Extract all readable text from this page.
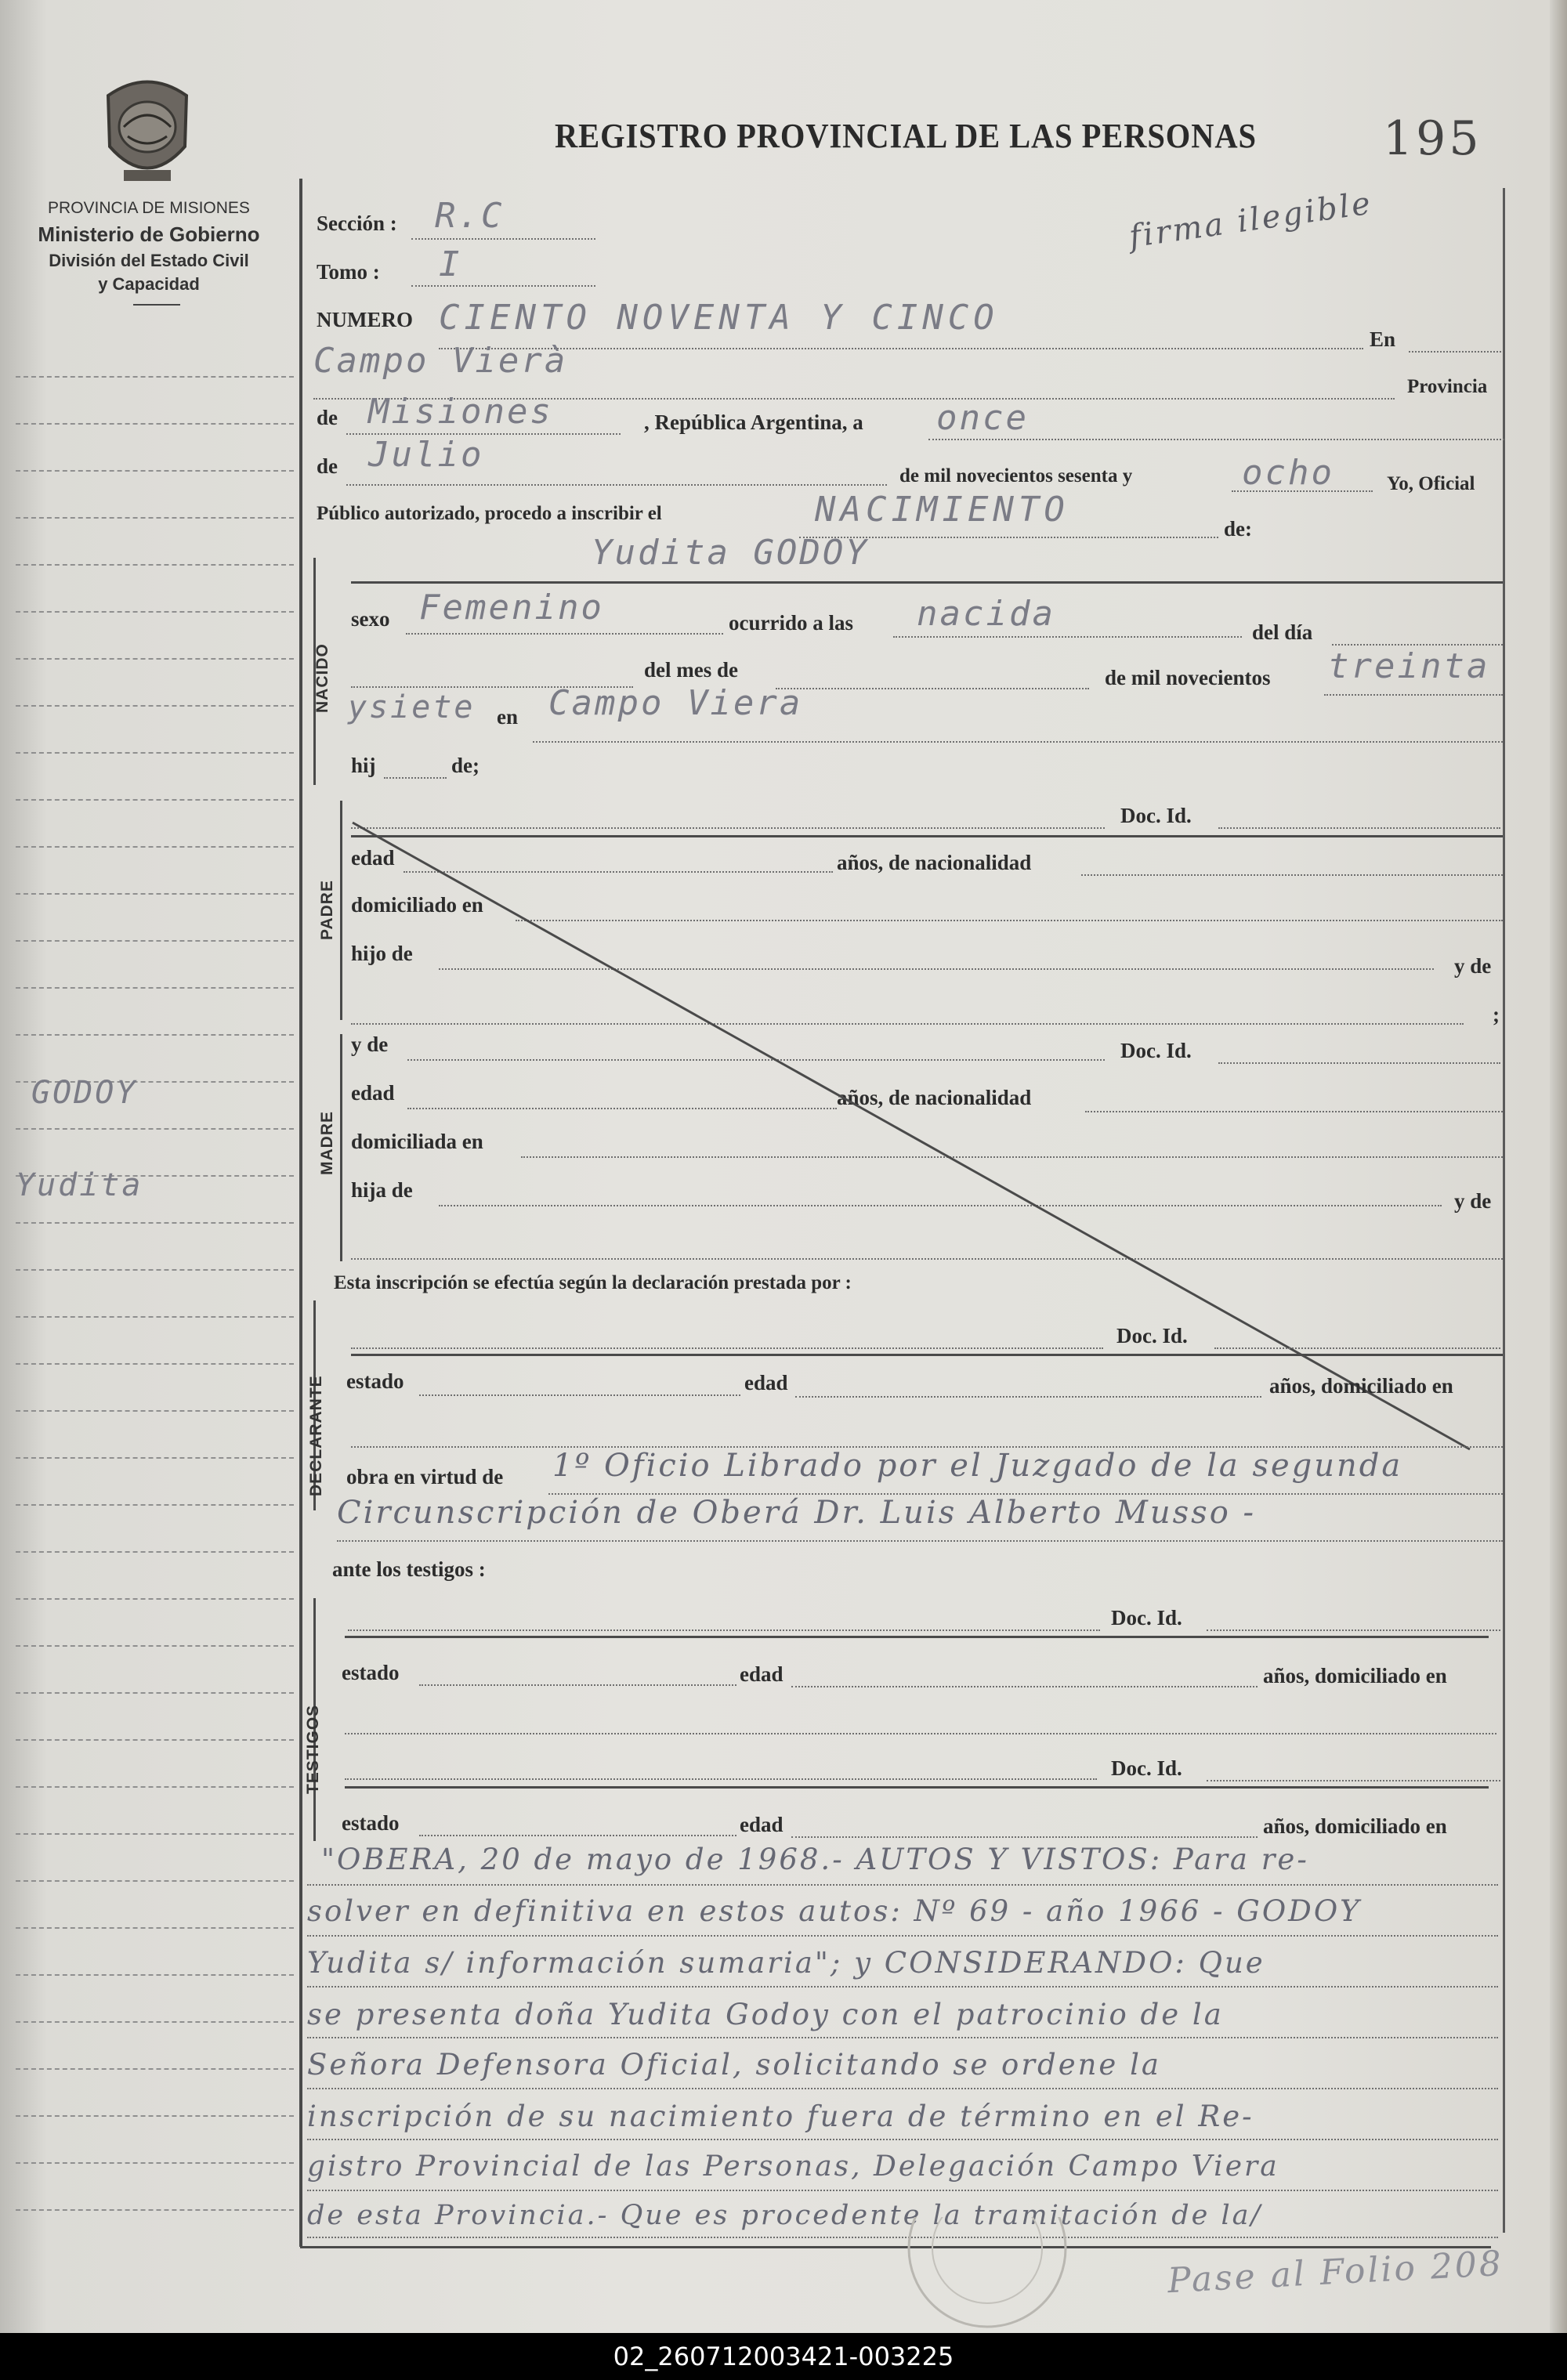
PROVINCIA DE MISIONES
Ministerio de Gobierno
División del Estado Civil
y Capacidad
REGISTRO PROVINCIAL DE LAS PERSONAS	195
firma ilegible
GODOY
Yudita
Sección : R.C
Tomo : I
NUMERO CIENTO NOVENTA Y CINCO
En
Campo Vierà
Provincia
de Misiones	, República Argentina, a once
de Julio
de mil novecientos sesenta y	ocho	Yo, Oficial
Público autorizado, procedo a inscribir el	NACIMIENTO	de:
NACIDO
Yudita GODOY
sexo Femenino	ocurrido a las nacida	del día
del mes de	de mil novecientos treinta
ysiete en Campo Viera
hij	de;
PADRE
Doc. Id.
edad	años, de nacionalidad
domiciliado en
hijo de
y de
;
MADRE
y de	Doc. Id.
edad	años, de nacionalidad
domiciliada en
hija de	y de
Esta inscripción se efectúa según la declaración prestada por :
DECLARANTE
Doc. Id.
estado	edad	años, domiciliado en
obra en virtud de 1º Oficio Librado por el Juzgado de la segunda
Circunscripción de Oberá Dr. Luis Alberto Musso -
ante los testigos :
TESTIGOS
Doc. Id.
estado	edad	años, domiciliado en
Doc. Id.
estado	edad	años, domiciliado en
"OBERA, 20 de mayo de 1968.- AUTOS Y VISTOS: Para re-
solver en definitiva en estos autos: Nº 69 - año 1966 - GODOY
Yudita s/ información sumaria"; y CONSIDERANDO: Que
se presenta doña Yudita Godoy con el patrocinio de la
Señora Defensora Oficial, solicitando se ordene la
inscripción de su nacimiento fuera de término en el Re-
gistro Provincial de las Personas, Delegación Campo Viera
de esta Provincia.- Que es procedente la tramitación de la/
Pase al Folio 208
02_260712003421-003225
